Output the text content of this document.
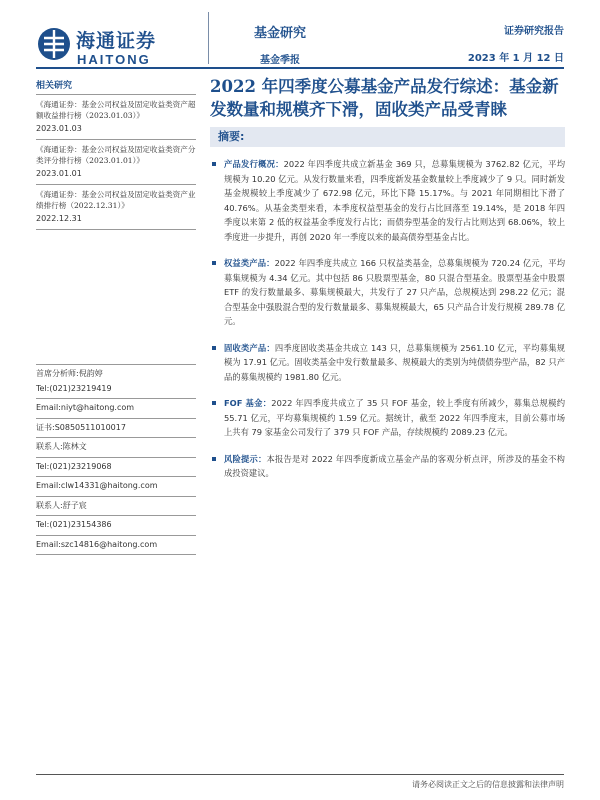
海通证券
HAITONG
基金研究
基金季报
证券研究报告
2023 年 1 月 12 日
相关研究
《海通证券：基金公司权益及固定收益类资产超额收益排行榜（2023.01.03）》
2023.01.03
《海通证券：基金公司权益及固定收益类资产分类评分排行榜（2023.01.01）》
2023.01.01
《海通证券：基金公司权益及固定收益类资产业绩排行榜（2022.12.31）》
2022.12.31
首席分析师:倪韵婷
Tel:(021)23219419
Email:niyt@haitong.com
证书:S0850511010017
联系人:陈林文
Tel:(021)23219068
Email:clw14331@haitong.com
联系人:舒子宸
Tel:(021)23154386
Email:szc14816@haitong.com
2022 年四季度公募基金产品发行综述：基金新发数量和规模齐下滑，固收类产品受青睐
摘要:
产品发行概况：2022 年四季度共成立新基金 369 只，总募集规模为 3762.82 亿元，平均规模为 10.20 亿元。从发行数量来看，四季度新发基金数量较上季度减少了 9 只。同时新发基金规模较上季度减少了 672.98 亿元，环比下降 15.17%。与 2021 年同期相比下滑了 40.76%。从基金类型来看，本季度权益型基金的发行占比回落至 19.14%，是 2018 年四季度以来第 2 低的权益基金季度发行占比；而债券型基金的发行占比则达到 68.06%，较上季度进一步提升，再创 2020 年一季度以来的最高债券型基金占比。
权益类产品：2022 年四季度共成立 166 只权益类基金，总募集规模为 720.24 亿元，平均募集规模为 4.34 亿元。其中包括 86 只股票型基金，80 只混合型基金。股票型基金中股票 ETF 的发行数量最多、募集规模最大，共发行了 27 只产品，总规模达到 298.22 亿元；混合型基金中强股混合型的发行数量最多、募集规模最大，65 只产品合计发行规模 289.78 亿元。
固收类产品：四季度固收类基金共成立 143 只，总募集规模为 2561.10 亿元，平均募集规模为 17.91 亿元。固收类基金中发行数量最多、规模最大的类别为纯债债券型产品，82 只产品的募集规模约 1981.80 亿元。
FOF 基金：2022 年四季度共成立了 35 只 FOF 基金，较上季度有所减少，募集总规模约 55.71 亿元，平均募集规模约 1.59 亿元。据统计，截至 2022 年四季度末，目前公募市场上共有 79 家基金公司发行了 379 只 FOF 产品，存续规模约 2089.23 亿元。
风险提示：本报告是对 2022 年四季度新成立基金产品的客观分析点评，所涉及的基金不构成投资建议。
请务必阅读正文之后的信息披露和法律声明
